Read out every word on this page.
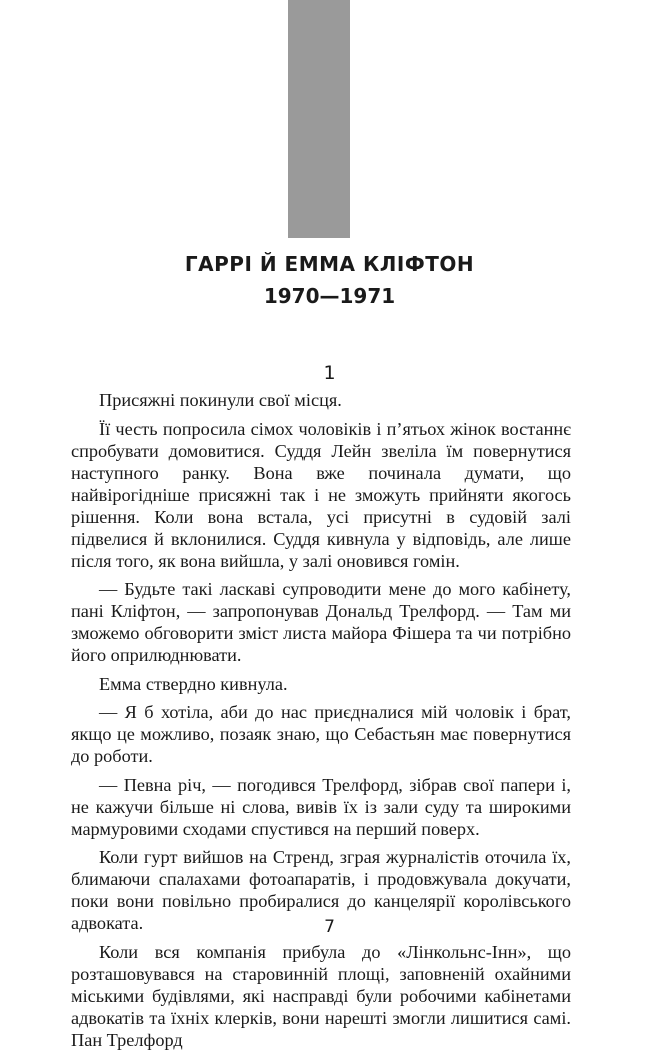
ГАРРІ Й ЕММА КЛІФТОН
1970—1971
1

Присяжні покинули свої місця.

Її честь попросила сімох чоловіків і п’ятьох жінок востаннє спробувати домовитися. Суддя Лейн звеліла їм повернутися наступного ранку. Вона вже починала думати, що найвірогідніше присяжні так і не зможуть прийняти якогось рішення. Коли вона встала, усі присутні в судовій залі підвелися й вклонилися. Суддя кивнула у відповідь, але лише після того, як вона вийшла, у залі оновився гомін.

— Будьте такі ласкаві супроводити мене до мого кабінету, пані Кліфтон, — запропонував Дональд Трелфорд. — Там ми зможемо обговорити зміст листа майора Фішера та чи потрібно його оприлюднювати.

Емма ствердно кивнула.

— Я б хотіла, аби до нас приєдналися мій чоловік і брат, якщо це можливо, позаяк знаю, що Себастьян має повернутися до роботи.

— Певна річ, — погодився Трелфорд, зібрав свої папери і, не кажучи більше ні слова, вивів їх із зали суду та широкими мармуровими сходами спустився на перший поверх.

Коли гурт вийшов на Стренд, зграя журналістів оточила їх, блимаючи спалахами фотоапаратів, і продовжувала докучати, поки вони повільно пробиралися до канцелярії королівського адвоката.

Коли вся компанія прибула до «Лінкольнс-Інн», що розташовувався на старовинній площі, заповненій охайними міськими будівлями, які насправді були робочими кабінетами адвокатів та їхніх клерків, вони нарешті змогли лишитися самі. Пан Трелфорд

7
